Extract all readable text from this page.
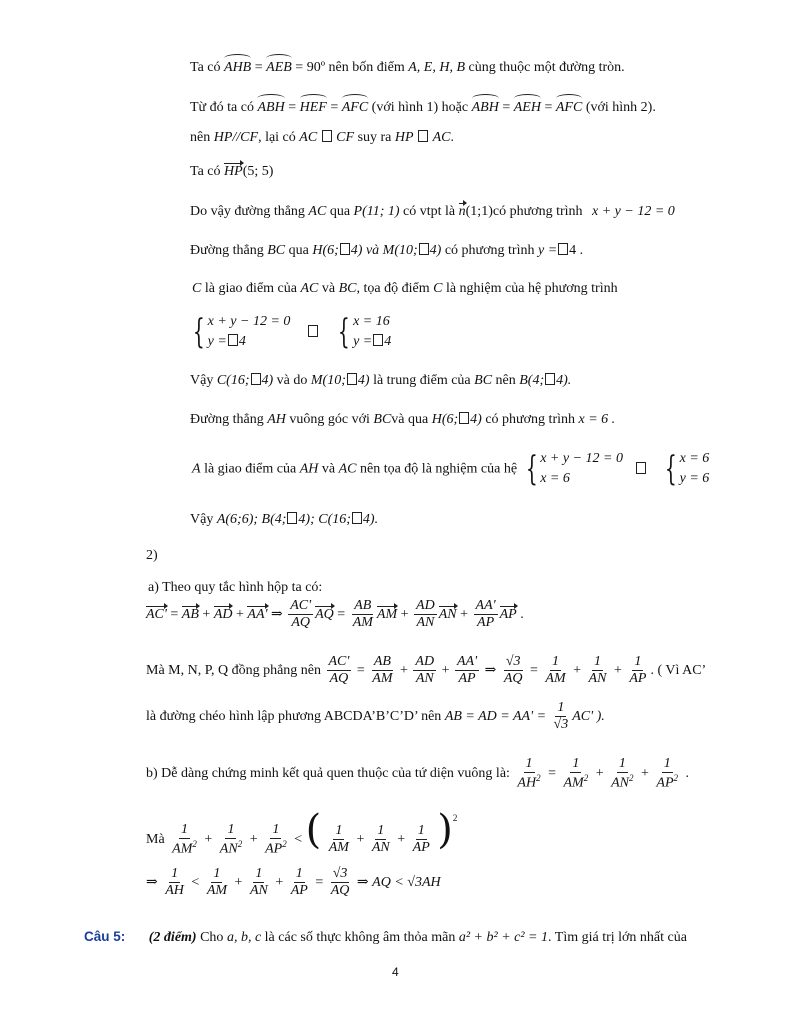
Ta có AHB = AEB = 90º nên bốn điểm A, E, H, B cùng thuộc một đường tròn.
Từ đó ta có ABH = HEF = AFC (với hình 1) hoặc ABH = AEH = AFC (với hình 2).
nên HP//CF, lại có AC CF suy ra HP AC.
Ta có HP(5; 5)
Do vậy đường thẳng AC qua P(11; 1) có vtpt là n(1;1)có phương trình x + y − 12 = 0
Đường thẳng BC qua H(6; 4) và M(10; 4) có phương trình y = 4 .
C là giao điểm của AC và BC, tọa độ điểm C là nghiệm của hệ phương trình
{ x + y − 12 = 0
y = 4
	{ x = 16
y = 4
Vậy C(16; 4) và do M(10; 4) là trung điểm của BC nên B(4; 4).
Đường thẳng AH vuông góc với BCvà qua H(6; 4) có phương trình x = 6 .
A là giao điểm của AH và AC nên tọa độ là nghiệm của hệ { x + y − 12 = 0
x = 6
	{ x = 6
y = 6
Vậy A(6;6); B(4; 4); C(16; 4).
2)
a) Theo quy tắc hình hộp ta có:
AC' = AB + AD + AA' ⇒ $\frac{AC'}{AQ}$ AQ = $\frac{AB}{AM}$ AM + $\frac{AD}{AN}$ AN + $\frac{AA'}{AP}$ AP .
Mà M, N, P, Q đồng phẳng nên $\frac{AC'}{AQ} = \frac{AB}{AM} + \frac{AD}{AN} + \frac{AA'}{AP}$ ⇒ $\frac{√3}{AQ} = \frac{1}{AM} + \frac{1}{AN} + \frac{1}{AP}$ . ( Vì AC’
là đường chéo hình lập phương ABCDA’B’C’D’ nên AB = AD = $AA' = \frac{1}{√3} AC'$ ).
b) Dễ dàng chứng minh kết quả quen thuộc của tứ diện vuông là: $\frac{1}{AH^2} = \frac{1}{AM^2} + \frac{1}{AN^2} + \frac{1}{AP^2}$ .
Mà $\frac{1}{AM^2} + \frac{1}{AN^2} + \frac{1}{AP^2}$ < ( $\frac{1}{AM} + \frac{1}{AN} + \frac{1}{AP} )^2$
⇒ $\frac{1}{AH} < \frac{1}{AM} + \frac{1}{AN} + \frac{1}{AP} = \frac{√3}{AQ}$ ⇒ AQ < √3AH
Câu 5: (2 điểm) Cho a, b, c là các số thực không âm thỏa mãn a² + b² + c² = 1. Tìm giá trị lớn nhất của
4
